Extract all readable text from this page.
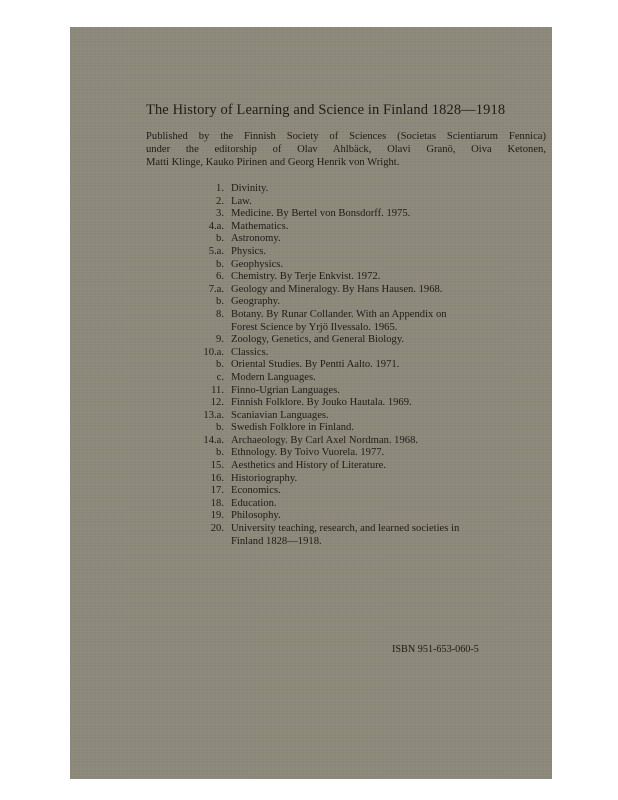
The History of Learning and Science in Finland 1828—1918
Published by the Finnish Society of Sciences (Societas Scientiarum Fennica)
under the editorship of Olav Ahlbäck, Olavi Granö, Oiva Ketonen,
Matti Klinge, Kauko Pirinen and Georg Henrik von Wright.
1. Divinity.
2. Law.
3. Medicine. By Bertel von Bonsdorff. 1975.
4.a. Mathematics.
b. Astronomy.
5.a. Physics.
b. Geophysics.
6. Chemistry. By Terje Enkvist. 1972.
7.a. Geology and Mineralogy. By Hans Hausen. 1968.
b. Geography.
8. Botany. By Runar Collander. With an Appendix on
Forest Science by Yrjö Ilvessalo. 1965.
9. Zoology, Genetics, and General Biology.
10.a. Classics.
b. Oriental Studies. By Pentti Aalto. 1971.
c. Modern Languages.
11. Finno-Ugrian Languages.
12. Finnish Folklore. By Jouko Hautala. 1969.
13.a. Scaniavian Languages.
b. Swedish Folklore in Finland.
14.a. Archaeology. By Carl Axel Nordman. 1968.
b. Ethnology. By Toivo Vuorela. 1977.
15. Aesthetics and History of Literature.
16. Historiography.
17. Economics.
18. Education.
19. Philosophy.
20. University teaching, research, and learned societies in
Finland 1828—1918.
ISBN 951-653-060-5
